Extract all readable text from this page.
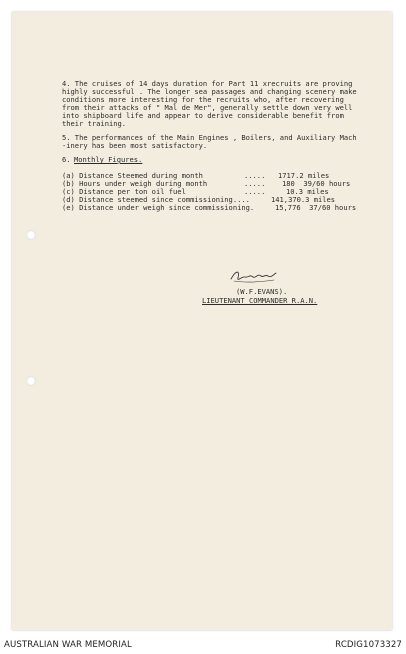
4. The cruises of 14 days duration for Part 11 xrecruits are proving
highly successful . The longer sea passages and changing scenery make
conditions more interesting for the recruits who, after recovering
from their attacks of " Mal de Mer", generally settle down very well
into shipboard life and appear to derive considerable benefit from
their training.
5. The performances of the Main Engines , Boilers, and Auxiliary Mach
-inery has been most satisfactory.
6. Monthly Figures.
(a) Distance Steemed during month	..... 1717.2 miles
(b) Hours under weigh during month	..... 180  39/60 hours
(c) Distance per ton oil fuel	.....	10.3 miles
(d) Distance steemed since commissioning....	141,370.3 miles
(e) Distance under weigh since commissioning.	15,776  37/60 hours
(W.F.EVANS).
LIEUTENANT COMMANDER R.A.N.
AUSTRALIAN WAR MEMORIAL	RCDIG1073327
